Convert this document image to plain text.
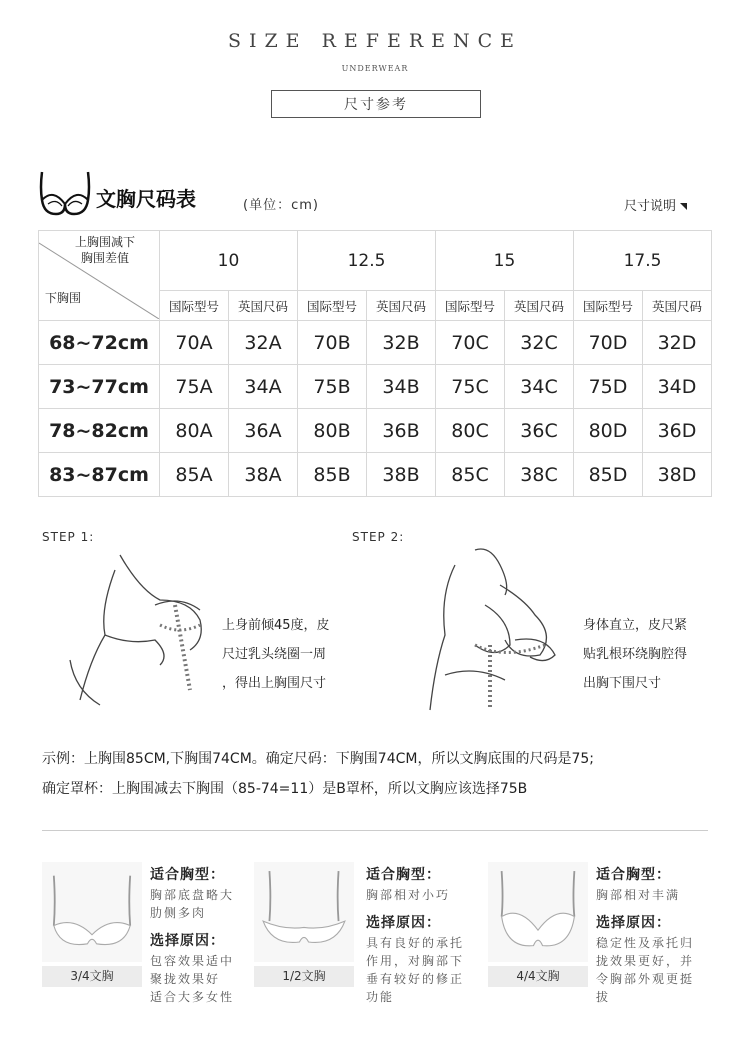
SIZE REFERENCE
UNDERWEAR
尺寸参考
文胸尺码表	(单位：cm)	尺寸说明
上胸围减下
胸围差值
下胸围	10		12.5		15		17.5	
	国际型号	英国尺码	国际型号	英国尺码	国际型号	英国尺码	国际型号	英国尺码
68~72cm	70A	32A	70B	32B	70C	32C	70D	32D
73~77cm	75A	34A	75B	34B	75C	34C	75D	34D
78~82cm	80A	36A	80B	36B	80C	36C	80D	36D
83~87cm	85A	38A	85B	38B	85C	38C	85D	38D
STEP 1:
上身前倾45度，皮
尺过乳头绕圈一周
，得出上胸围尺寸
STEP 2:
身体直立，皮尺紧
贴乳根环绕胸腔得
出胸下围尺寸
示例：上胸围85CM,下胸围74CM。确定尺码：下胸围74CM，所以文胸底围的尺码是75;
确定罩杯：上胸围减去下胸围（85-74=11）是B罩杯，所以文胸应该选择75B
3/4文胸
适合胸型：
胸部底盘略大
肋侧多肉
选择原因：
包容效果适中
聚拢效果好
适合大多女性
1/2文胸
适合胸型：
胸部相对小巧
选择原因：
具有良好的承托
作用，对胸部下
垂有较好的修正
功能
4/4文胸
适合胸型：
胸部相对丰满
选择原因：
稳定性及承托归
拢效果更好，并
令胸部外观更挺
拔
